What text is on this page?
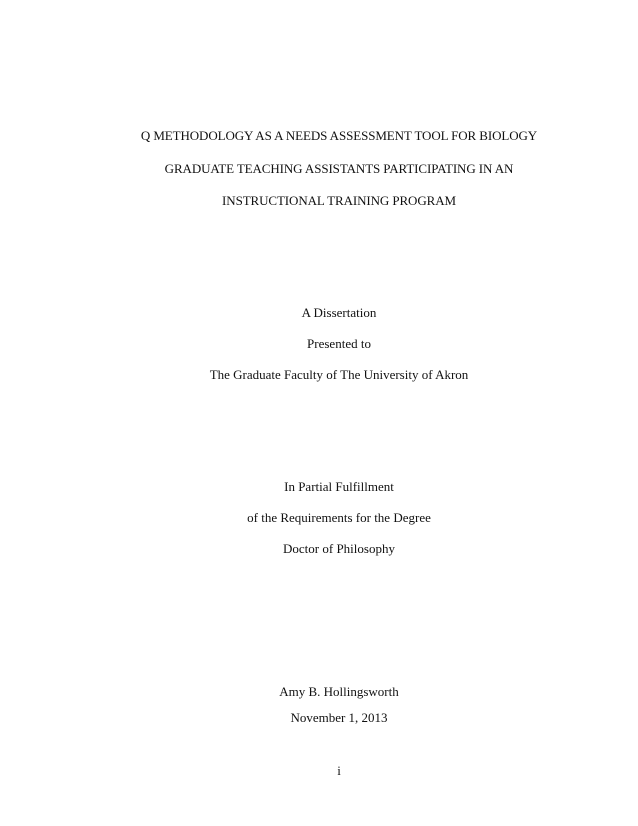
Q METHODOLOGY AS A NEEDS ASSESSMENT TOOL FOR BIOLOGY
GRADUATE TEACHING ASSISTANTS PARTICIPATING IN AN
INSTRUCTIONAL TRAINING PROGRAM
A Dissertation
Presented to
The Graduate Faculty of The University of Akron
In Partial Fulfillment
of the Requirements for the Degree
Doctor of Philosophy
Amy B. Hollingsworth
November 1, 2013
i
